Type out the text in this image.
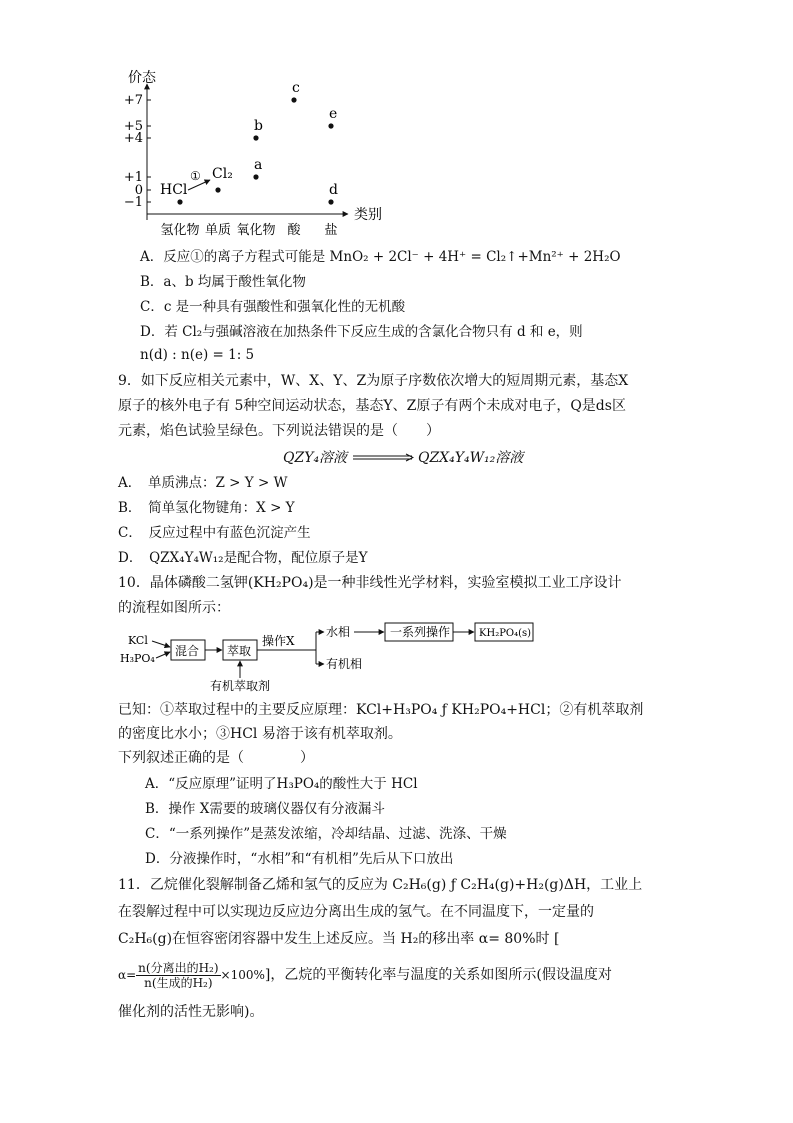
价态
类别
+7
+5
+4
+1
0
−1
氢化物 单质 氧化物 酸 盐
HCl
Cl₂
a
b
c
e
d
①
A．反应①的离子方程式可能是 MnO₂ + 2Cl⁻ + 4H⁺ = Cl₂↑+Mn²⁺ + 2H₂O
B．a、b 均属于酸性氧化物
C．c 是一种具有强酸性和强氧化性的无机酸
D．若 Cl₂与强碱溶液在加热条件下反应生成的含氯化合物只有 d 和 e，则
n(d) : n(e) = 1: 5
9．如下反应相关元素中，W、X、Y、Z为原子序数依次增大的短周期元素，基态X
原子的核外电子有 5种空间运动状态，基态Y、Z原子有两个未成对电子，Q是ds区
元素，焰色试验呈绿色。下列说法错误的是（　　）
QZY₄溶液	QZX₄Y₄W₁₂溶液
A．　单质沸点：Z > Y > W
B．　简单氢化物键角：X > Y
C．　反应过程中有蓝色沉淀产生
D．　QZX₄Y₄W₁₂是配合物，配位原子是Y
10．晶体磷酸二氢钾(KH₂PO₄)是一种非线性光学材料，实验室模拟工业工序设计
的流程如图所示：
KCl
H₃PO₄
混合 萃取
有机萃取剂
操作X
水相
有机相
一系列操作	KH₂PO₄(s)
已知：①萃取过程中的主要反应原理：KCl+H₃PO₄ ƒ KH₂PO₄+HCl；②有机萃取剂
的密度比水小；③HCl 易溶于该有机萃取剂。
下列叙述正确的是（　　　　）
A．“反应原理”证明了H₃PO₄的酸性大于 HCl
B．操作 X需要的玻璃仪器仅有分液漏斗
C．“一系列操作”是蒸发浓缩，冷却结晶、过滤、洗涤、干燥
D．分液操作时，“水相”和“有机相”先后从下口放出
11．乙烷催化裂解制备乙烯和氢气的反应为 C₂H₆(g) ƒ C₂H₄(g)+H₂(g)ΔH，工业上
在裂解过程中可以实现边反应边分离出生成的氢气。在不同温度下，一定量的
C₂H₆(g)在恒容密闭容器中发生上述反应。当 H₂的移出率 α= 80%时 [
$\alpha= \frac{\text{n(分离出的H₂)}}{\text{n(生成的H₂)}} \times 100\%$]，乙烷的平衡转化率与温度的关系如图所示(假设温度对
催化剂的活性无影响)。
